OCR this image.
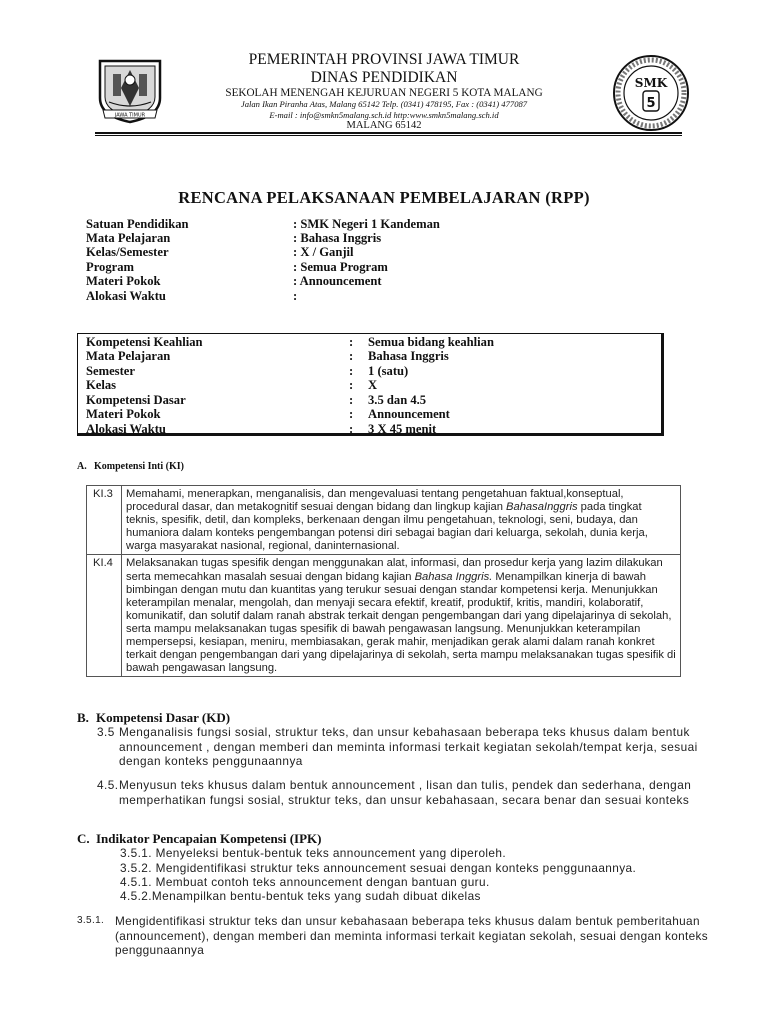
JAWA TIMUR
SMK
5
PEMERINTAH PROVINSI JAWA TIMUR
DINAS PENDIDIKAN
SEKOLAH MENENGAH KEJURUAN NEGERI 5 KOTA MALANG
Jalan Ikan Piranha Atas, Malang 65142 Telp. (0341) 478195, Fax : (0341) 477087
E-mail : info@smkn5malang.sch.id http:www.smkn5malang.sch.id
MALANG 65142
RENCANA PELAKSANAAN PEMBELAJARAN (RPP)
Satuan Pendidikan	: SMK Negeri 1 Kandeman
Mata Pelajaran	: Bahasa Inggris
Kelas/Semester	: X / Ganjil
Program	: Semua Program
Materi Pokok	: Announcement
Alokasi Waktu	:
Kompetensi Keahlian	: Semua bidang keahlian
Mata Pelajaran	: Bahasa Inggris
Semester	: 1 (satu)
Kelas	: X
Kompetensi Dasar	: 3.5 dan 4.5
Materi Pokok	: Announcement
Alokasi Waktu	: 3 X 45 menit
A. Kompetensi Inti (KI)
KI.3	Memahami, menerapkan, menganalisis, dan mengevaluasi tentang pengetahuan faktual,konseptual, procedural dasar, dan metakognitif sesuai dengan bidang dan lingkup kajian BahasaInggris pada tingkat teknis, spesifik, detil, dan kompleks, berkenaan dengan ilmu pengetahuan, teknologi, seni, budaya, dan humaniora dalam konteks pengembangan potensi diri sebagai bagian dari keluarga, sekolah, dunia kerja, warga masyarakat nasional, regional, daninternasional.
KI.4	Melaksanakan tugas spesifik dengan menggunakan alat, informasi, dan prosedur kerja yang lazim dilakukan serta memecahkan masalah sesuai dengan bidang kajian Bahasa Inggris. Menampilkan kinerja di bawah bimbingan dengan mutu dan kuantitas yang terukur sesuai dengan standar kompetensi kerja. Menunjukkan keterampilan menalar, mengolah, dan menyaji secara efektif, kreatif, produktif, kritis, mandiri, kolaboratif, komunikatif, dan solutif dalam ranah abstrak terkait dengan pengembangan dari yang dipelajarinya di sekolah, serta mampu melaksanakan tugas spesifik di bawah pengawasan langsung. Menunjukkan keterampilan mempersepsi, kesiapan, meniru, membiasakan, gerak mahir, menjadikan gerak alami dalam ranah konkret terkait dengan pengembangan dari yang dipelajarinya di sekolah, serta mampu melaksanakan tugas spesifik di bawah pengawasan langsung.
B. Kompetensi Dasar (KD)
3.5 Menganalisis fungsi sosial, struktur teks, dan unsur kebahasaan beberapa teks khusus dalam bentuk announcement , dengan memberi dan meminta informasi terkait kegiatan sekolah/tempat kerja, sesuai dengan konteks penggunaannya
4.5. Menyusun teks khusus dalam bentuk announcement , lisan dan tulis, pendek dan sederhana, dengan memperhatikan fungsi sosial, struktur teks, dan unsur kebahasaan, secara benar dan sesuai konteks
C. Indikator Pencapaian Kompetensi (IPK)
3.5.1. Menyeleksi bentuk-bentuk teks announcement yang diperoleh.
3.5.2. Mengidentifikasi struktur teks announcement sesuai dengan konteks penggunaannya.
4.5.1. Membuat contoh teks announcement dengan bantuan guru.
4.5.2.Menampilkan bentu-bentuk teks yang sudah dibuat dikelas
3.5.1. Mengidentifikasi struktur teks dan unsur kebahasaan beberapa teks khusus dalam bentuk pemberitahuan (announcement), dengan memberi dan meminta informasi terkait kegiatan sekolah, sesuai dengan konteks penggunaannya
